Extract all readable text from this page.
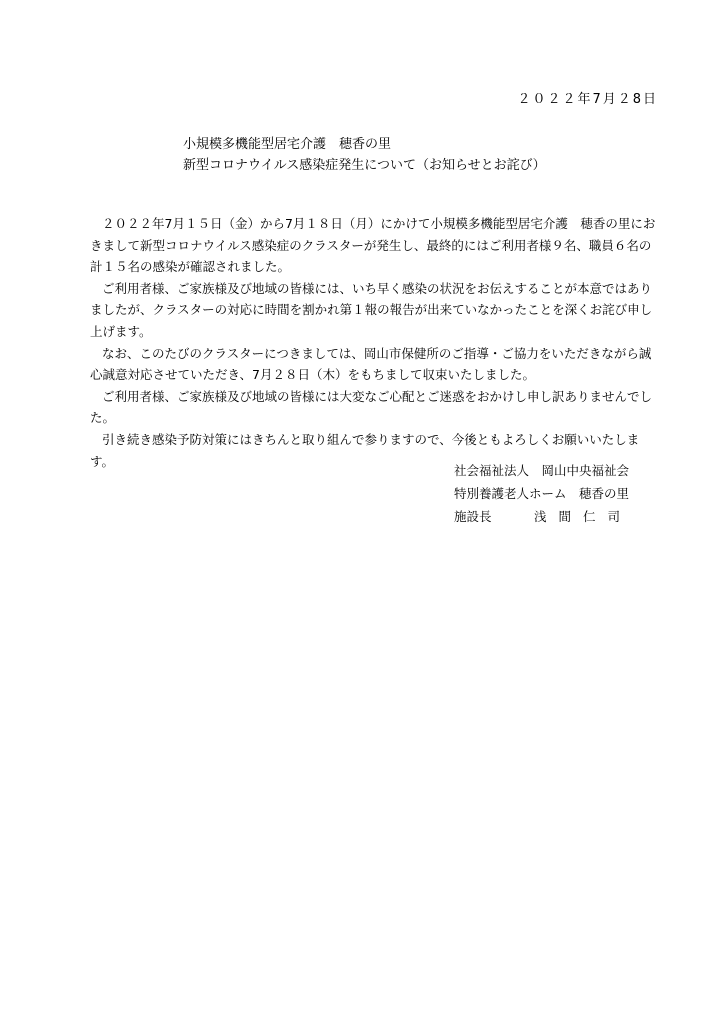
２０２２年7月２8日
小規模多機能型居宅介護　穂香の里
新型コロナウイルス感染症発生について（お知らせとお詫び）

２０２２年7月１５日（金）から7月１８日（月）にかけて小規模多機能型居宅介護　穂香の里におきまして新型コロナウイルス感染症のクラスターが発生し、最終的にはご利用者様９名、職員６名の計１５名の感染が確認されました。

ご利用者様、ご家族様及び地域の皆様には、いち早く感染の状況をお伝えすることが本意ではありましたが、クラスターの対応に時間を割かれ第１報の報告が出来ていなかったことを深くお詫び申し上げます。

なお、このたびのクラスターにつきましては、岡山市保健所のご指導・ご協力をいただきながら誠心誠意対応させていただき、7月２８日（木）をもちまして収束いたしました。

ご利用者様、ご家族様及び地域の皆様には大変なご心配とご迷惑をおかけし申し訳ありませんでした。

引き続き感染予防対策にはきちんと取り組んで参りますので、今後ともよろしくお願いいたします。

社会福祉法人　岡山中央福祉会
特別養護老人ホーム　穂香の里
施設長	浅間仁司
